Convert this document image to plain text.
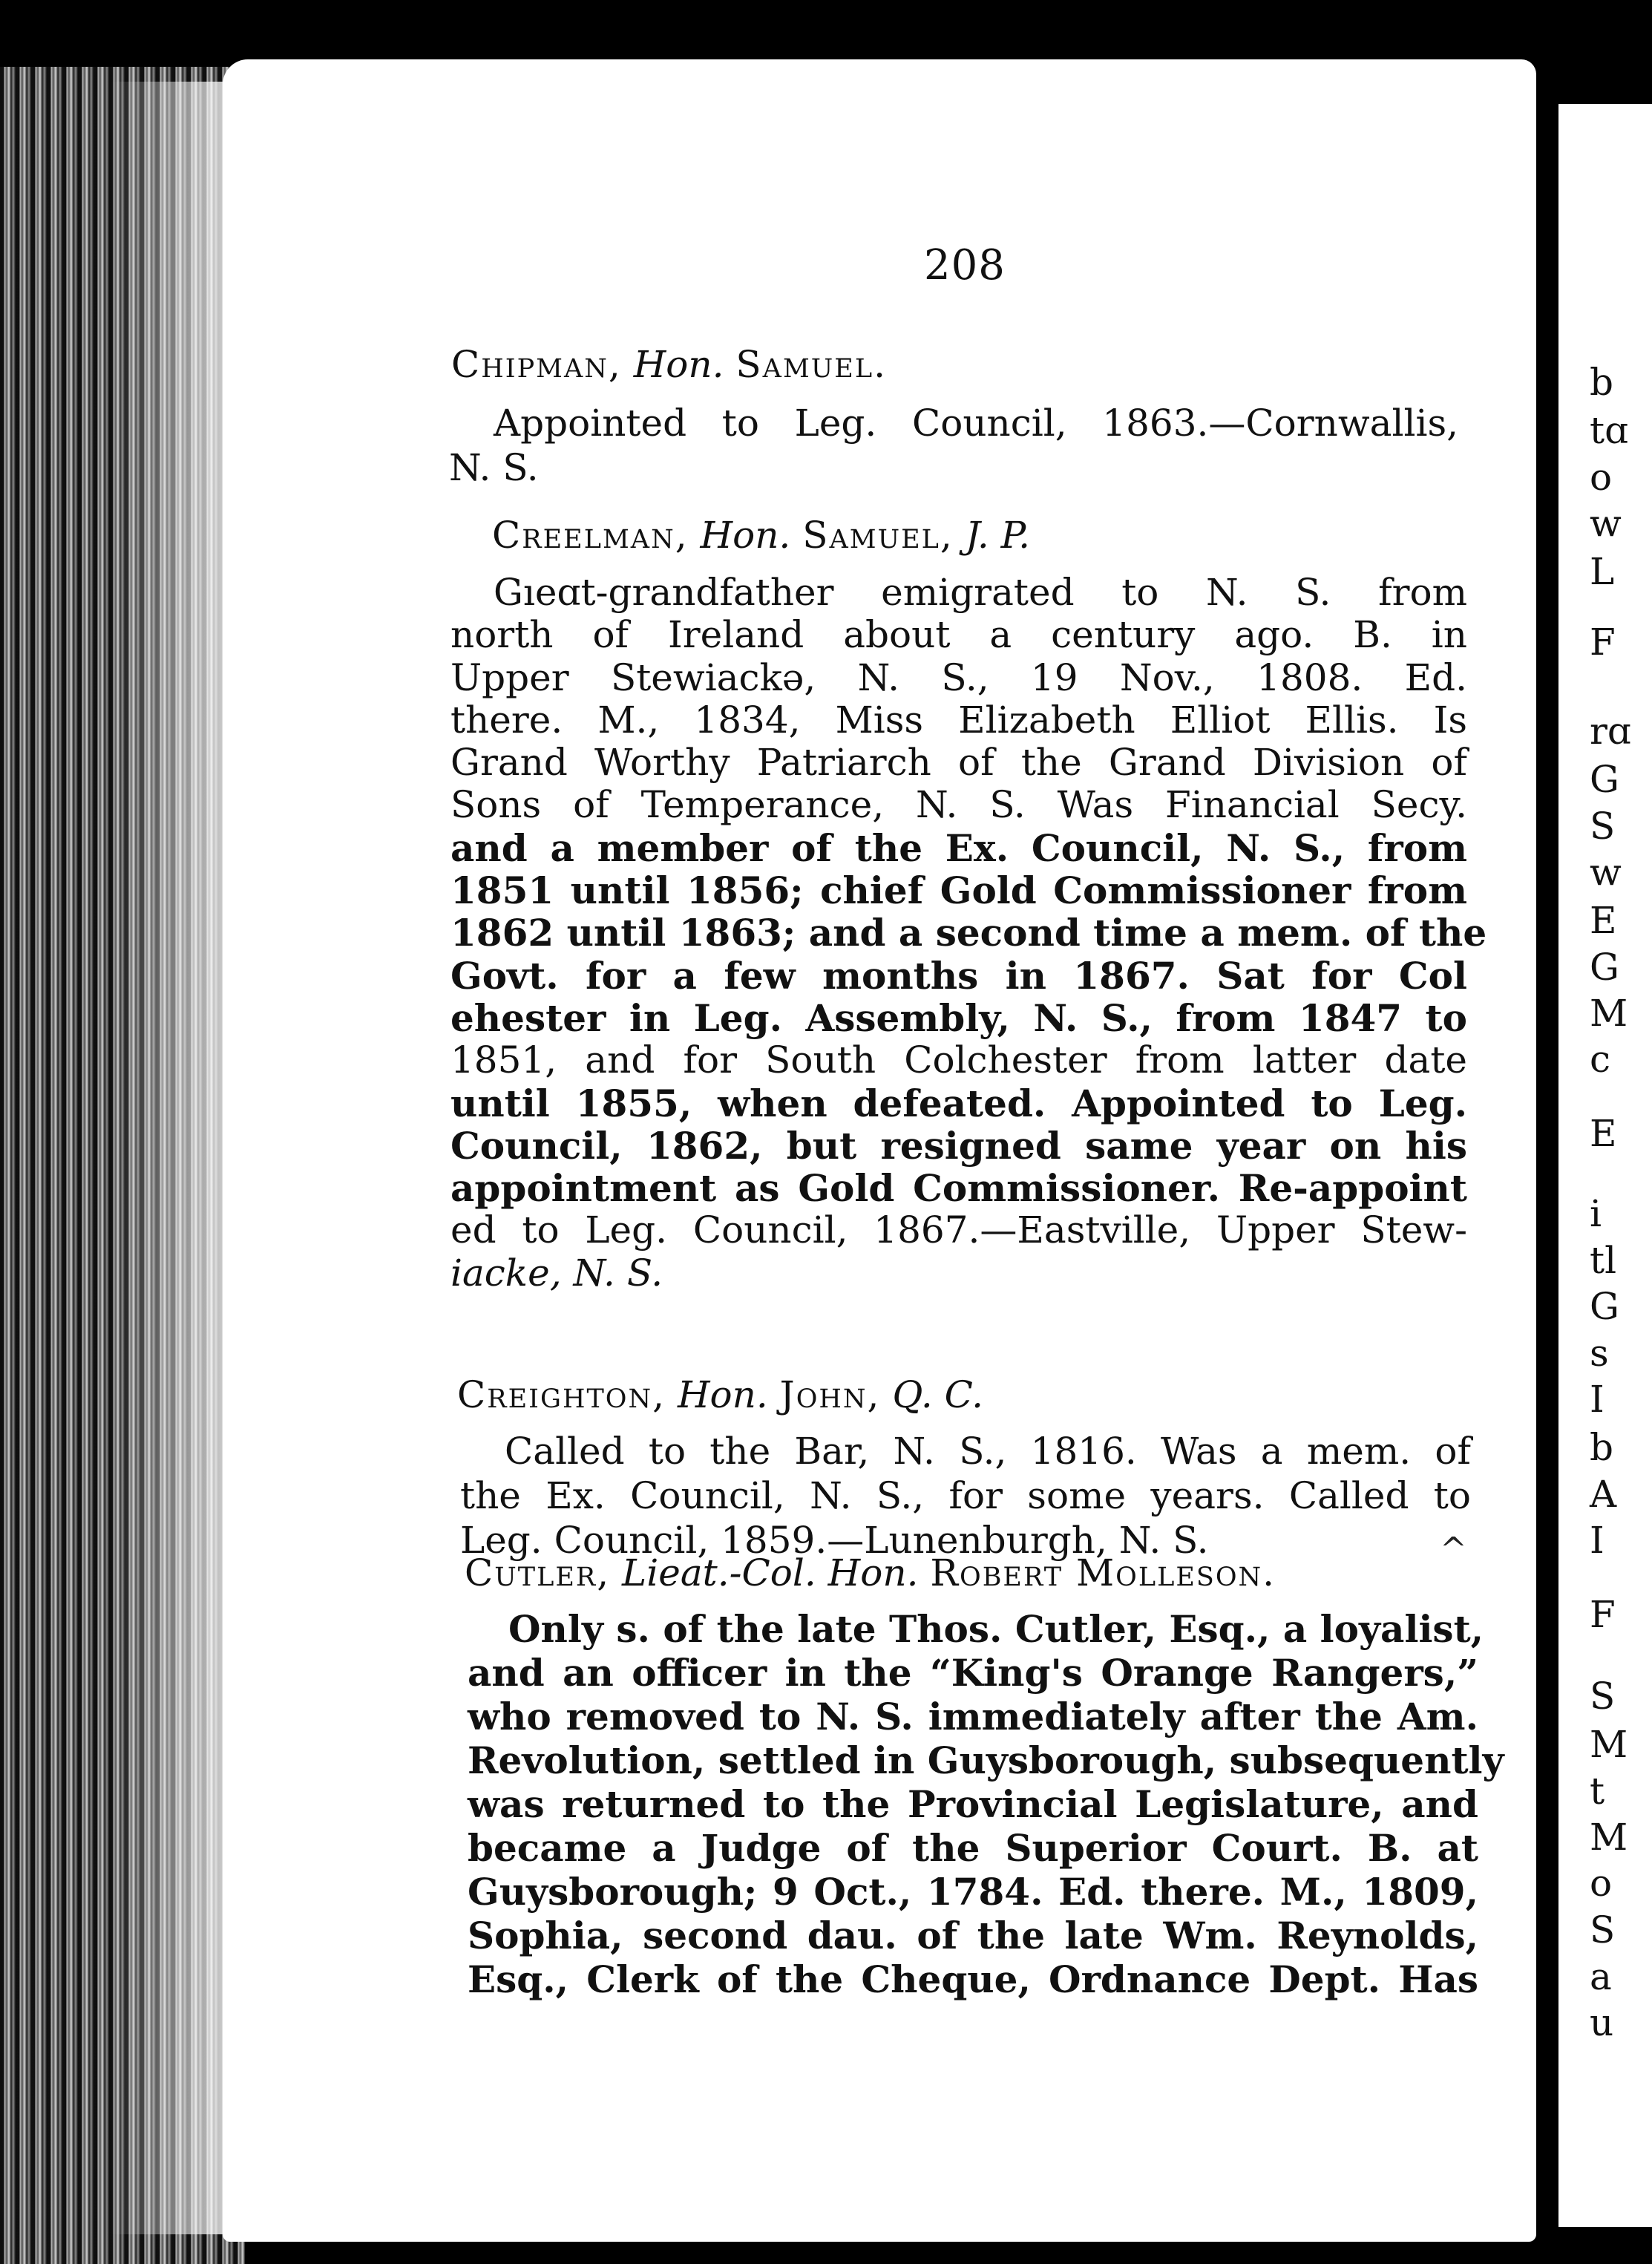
b
tɑ
o
w
L
F
rɑ
G
S
w
E
G
M
c
E
i
tl
G
s
I
b
A
I
F
S
M
t
M
o
S
a
u
208
Chipman, Hon. Samuel.
Appointed to Leg. Council, 1863.—Cornwallis,
N. S.
Creelman, Hon. Samuel, J. P.
Gıeɑt-grandfather emigrated to N. S. from
north of Ireland about a century ago. B. in
Upper Stewiackə, N. S., 19 Nov., 1808. Ed.
there. M., 1834, Miss Elizabeth Elliot Ellis. Is
Grand Worthy Patriarch of the Grand Division of
Sons of Temperance, N. S. Was Financial Secy.
and a member of the Ex. Council, N. S., from
1851 until 1856; chief Gold Commissioner from
1862 until 1863; and a second time a mem. of the
Govt. for a few months in 1867. Sat for Col
ehester in Leg. Assembly, N. S., from 1847 to
1851, and for South Colchester from latter date
until 1855, when defeated. Appointed to Leg.
Council, 1862, but resigned same year on his
appointment as Gold Commissioner. Re-appoint
ed to Leg. Council, 1867.—Eastville, Upper Stew-
iacke, N. S.
Creighton, Hon. John, Q. C.
Called to the Bar, N. S., 1816. Was a mem. of
the Ex. Council, N. S., for some years. Called to
Leg. Council, 1859.—Lunenburgh, N. S.	^
Cutler, Lieat.-Col. Hon. Robert Molleson.
Only s. of the late Thos. Cutler, Esq., a loyalist,
and an officer in the “King's Orange Rangers,”
who removed to N. S. immediately after the Am.
Revolution, settled in Guysborough, subsequently
was returned to the Provincial Legislature, and
became a Judge of the Superior Court. B. at
Guysborough; 9 Oct., 1784. Ed. there. M., 1809,
Sophia, second dau. of the late Wm. Reynolds,
Esq., Clerk of the Cheque, Ordnance Dept. Has
